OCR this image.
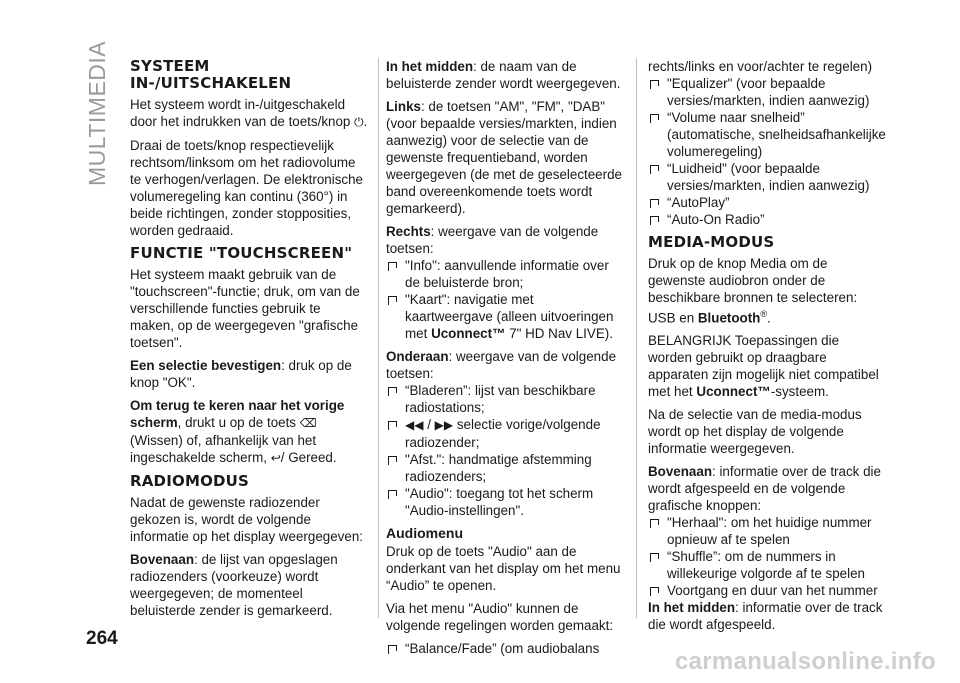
MULTIMEDIA SYSTEEM IN-/UITSCHAKELEN

Het systeem wordt in-/uitgeschakeld door het indrukken van de toets/knop ⏻.

Draai de toets/knop respectievelijk rechtsom/linksom om het radiovolume te verhogen/verlagen. De elektronische volumeregeling kan continu (360°) in beide richtingen, zonder stopposities, worden gedraaid.

FUNCTIE "TOUCHSCREEN"

Het systeem maakt gebruik van de "touchscreen"-functie; druk, om van de verschillende functies gebruik te maken, op de weergegeven "grafische toetsen".

Een selectie bevestigen: druk op de knop "OK".

Om terug te keren naar het vorige scherm, drukt u op de toets ⌫ (Wissen) of, afhankelijk van het ingeschakelde scherm, ↩/ Gereed.

RADIOMODUS

Nadat de gewenste radiozender gekozen is, wordt de volgende informatie op het display weergegeven:

Bovenaan: de lijst van opgeslagen radiozenders (voorkeuze) wordt weergegeven; de momenteel beluisterde zender is gemarkeerd.

In het midden: de naam van de beluisterde zender wordt weergegeven.

Links: de toetsen "AM", "FM", "DAB" (voor bepaalde versies/markten, indien aanwezig) voor de selectie van de gewenste frequentieband, worden weergegeven (de met de geselecteerde band overeenkomende toets wordt gemarkeerd).

Rechts: weergave van de volgende toetsen:

"Info": aanvullende informatie over de beluisterde bron;

"Kaart": navigatie met kaartweergave (alleen uitvoeringen met Uconnect™ 7" HD Nav LIVE).

Onderaan: weergave van de volgende toetsen:

“Bladeren”: lijst van beschikbare radiostations;

◀◀ / ▶▶ selectie vorige/volgende radiozender;

"Afst.": handmatige afstemming radiozenders;

"Audio": toegang tot het scherm "Audio-instellingen".

Audiomenu

Druk op de toets "Audio" aan de onderkant van het display om het menu “Audio” te openen.

Via het menu "Audio" kunnen de volgende regelingen worden gemaakt:

“Balance/Fade” (om audiobalans

rechts/links en voor/achter te regelen)

"Equalizer" (voor bepaalde versies/markten, indien aanwezig)

“Volume naar snelheid” (automatische, snelheidsafhankelijke volumeregeling)

“Luidheid" (voor bepaalde versies/markten, indien aanwezig)

“AutoPlay”

“Auto-On Radio”

MEDIA-MODUS

Druk op de knop Media om de gewenste audiobron onder de beschikbare bronnen te selecteren: USB en Bluetooth®.

BELANGRIJK Toepassingen die worden gebruikt op draagbare apparaten zijn mogelijk niet compatibel met het Uconnect™-systeem.

Na de selectie van de media-modus wordt op het display de volgende informatie weergegeven.

Bovenaan: informatie over de track die wordt afgespeeld en de volgende grafische knoppen:

"Herhaal": om het huidige nummer opnieuw af te spelen

“Shuffle”: om de nummers in willekeurige volgorde af te spelen

Voortgang en duur van het nummer

In het midden: informatie over de track die wordt afgespeeld.

264
carmanualsonline.info
